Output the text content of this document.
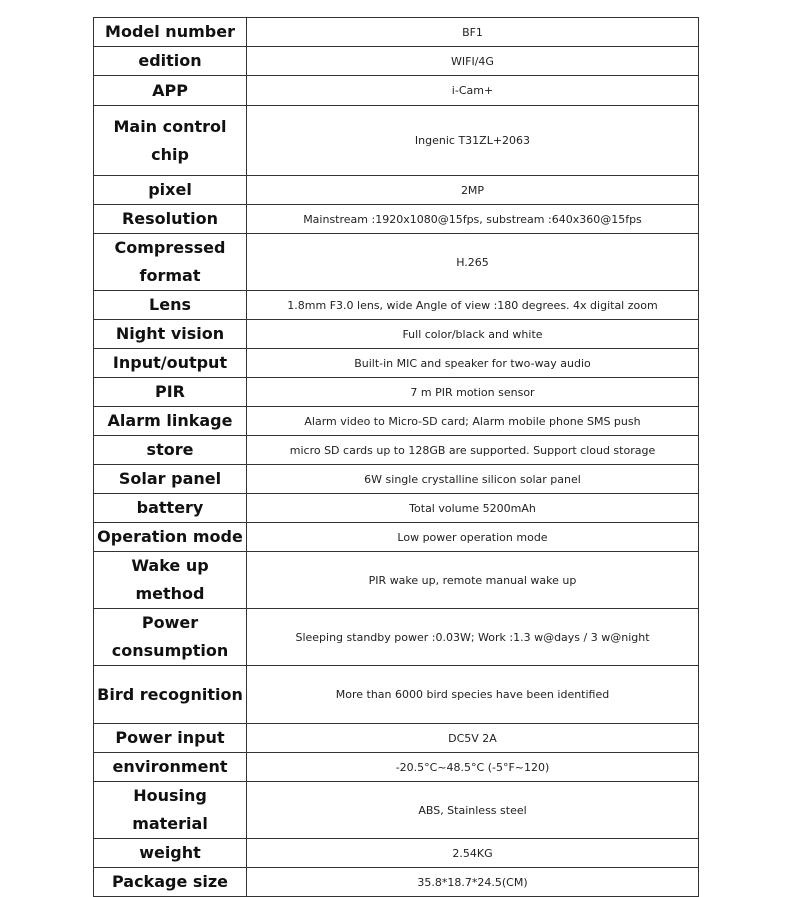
Model number	BF1
edition	WIFI/4G
APP	i-Cam+
Main control chip	Ingenic T31ZL+2063
pixel	2MP
Resolution	Mainstream :1920x1080@15fps, substream :640x360@15fps
Compressed format	H.265
Lens	1.8mm F3.0 lens, wide Angle of view :180 degrees. 4x digital zoom
Night vision	Full color/black and white
Input/output	Built-in MIC and speaker for two-way audio
PIR	7 m PIR motion sensor
Alarm linkage	Alarm video to Micro-SD card; Alarm mobile phone SMS push
store	micro SD cards up to 128GB are supported. Support cloud storage
Solar panel	6W single crystalline silicon solar panel
battery	Total volume 5200mAh
Operation mode	Low power operation mode
Wake up method	PIR wake up, remote manual wake up
Power consumption	Sleeping standby power :0.03W; Work :1.3 w@days / 3 w@night
Bird recognition	More than 6000 bird species have been identified
Power input	DC5V 2A
environment	-20.5°C~48.5°C (-5°F~120)
Housing material	ABS, Stainless steel
weight	2.54KG
Package size	35.8*18.7*24.5(CM)
